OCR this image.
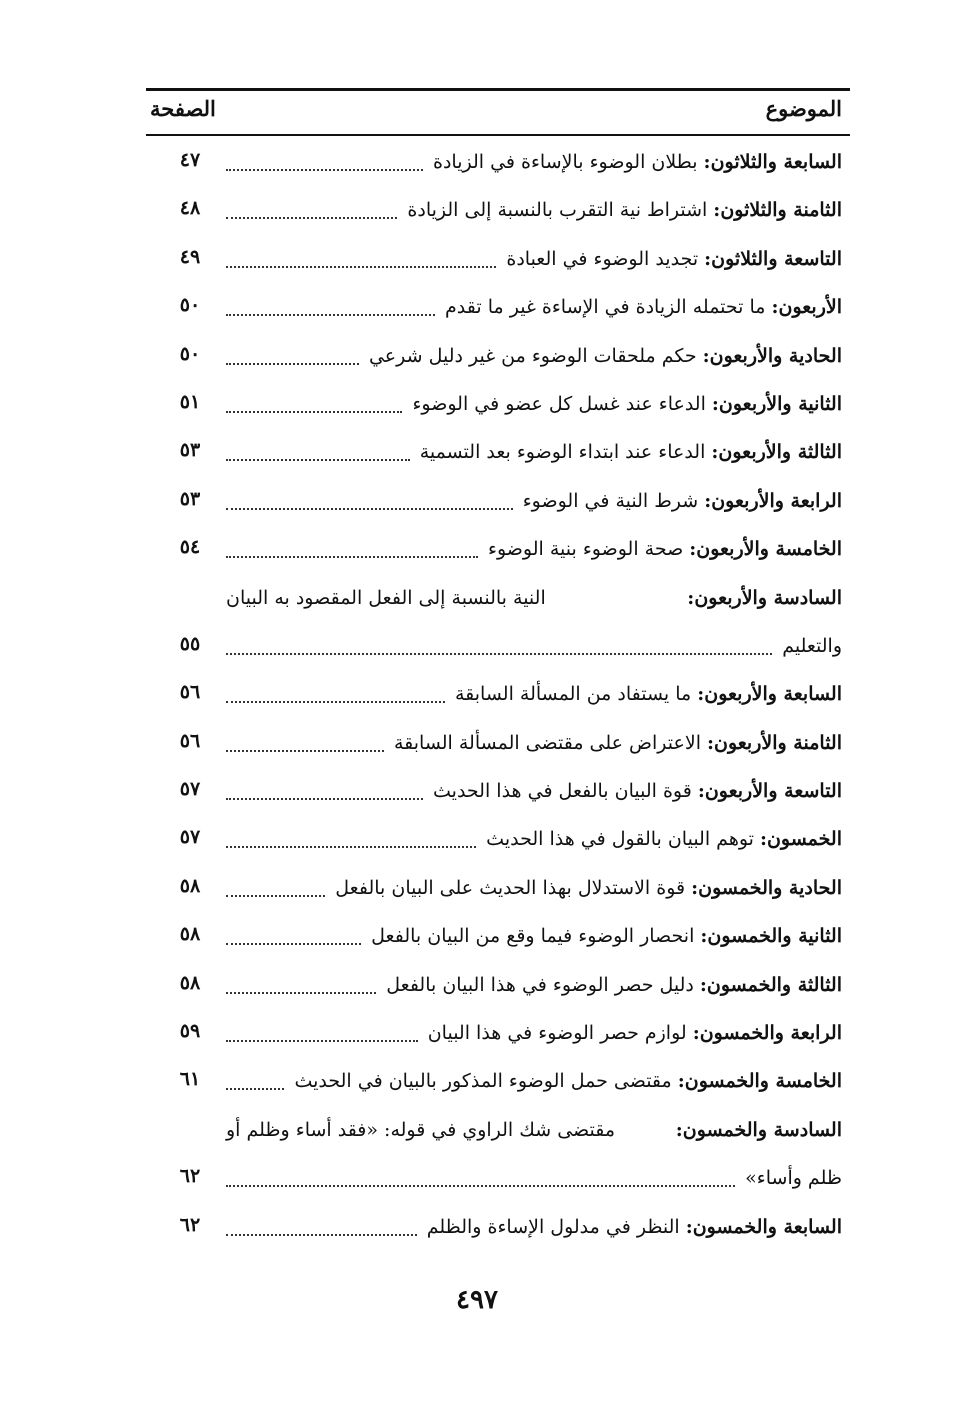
الموضوع
الصفحة
السابعة والثلاثون:
بطلان الوضوء بالإساءة في الزيادة
٤٧
الثامنة والثلاثون:
اشتراط نية التقرب بالنسبة إلى الزيادة
٤٨
التاسعة والثلاثون:
تجديد الوضوء في العبادة
٤٩
الأربعون:
ما تحتمله الزيادة في الإساءة غير ما تقدم
٥٠
الحادية والأربعون:
حكم ملحقات الوضوء من غير دليل شرعي
٥٠
الثانية والأربعون:
الدعاء عند غسل كل عضو في الوضوء
٥١
الثالثة والأربعون:
الدعاء عند ابتداء الوضوء بعد التسمية
٥٣
الرابعة والأربعون:
شرط النية في الوضوء
٥٣
الخامسة والأربعون:
صحة الوضوء بنية الوضوء
٥٤
السادسة والأربعون:
النية بالنسبة إلى الفعل المقصود به البيان
والتعليم
٥٥
السابعة والأربعون:
ما يستفاد من المسألة السابقة
٥٦
الثامنة والأربعون:
الاعتراض على مقتضى المسألة السابقة
٥٦
التاسعة والأربعون:
قوة البيان بالفعل في هذا الحديث
٥٧
الخمسون:
توهم البيان بالقول في هذا الحديث
٥٧
الحادية والخمسون:
قوة الاستدلال بهذا الحديث على البيان بالفعل
٥٨
الثانية والخمسون:
انحصار الوضوء فيما وقع من البيان بالفعل
٥٨
الثالثة والخمسون:
دليل حصر الوضوء في هذا البيان بالفعل
٥٨
الرابعة والخمسون:
لوازم حصر الوضوء في هذا البيان
٥٩
الخامسة والخمسون:
مقتضى حمل الوضوء المذكور بالبيان في الحديث
٦١
السادسة والخمسون:
مقتضى شك الراوي في قوله: «فقد أساء وظلم أو
ظلم وأساء»
٦٢
السابعة والخمسون:
النظر في مدلول الإساءة والظلم
٦٢
٤٩٧
